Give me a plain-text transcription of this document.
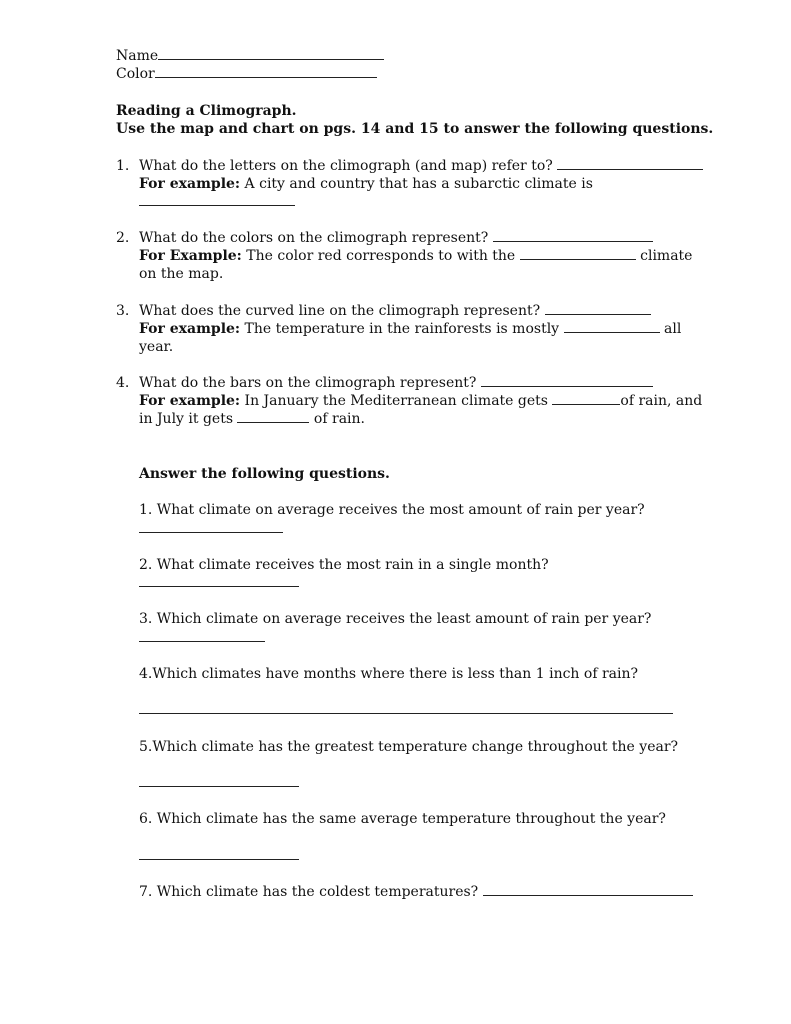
Name
Color
Reading a Climograph.
Use the map and chart on pgs. 14 and 15 to answer the following questions.
1. What do the letters on the climograph (and map) refer to?
For example: A city and country that has a subarctic climate is
2. What do the colors on the climograph represent?
For Example: The color red corresponds to with the	climate
on the map.
3. What does the curved line on the climograph represent?
For example: The temperature in the rainforests is mostly	all
year.
4. What do the bars on the climograph represent?
For example: In January the Mediterranean climate gets	of rain, and
in July it gets	of rain.
Answer the following questions.
1. What climate on average receives the most amount of rain per year?
2. What climate receives the most rain in a single month?
3. Which climate on average receives the least amount of rain per year?
4.Which climates have months where there is less than 1 inch of rain?
5.Which climate has the greatest temperature change throughout the year?
6. Which climate has the same average temperature throughout the year?
7. Which climate has the coldest temperatures?
